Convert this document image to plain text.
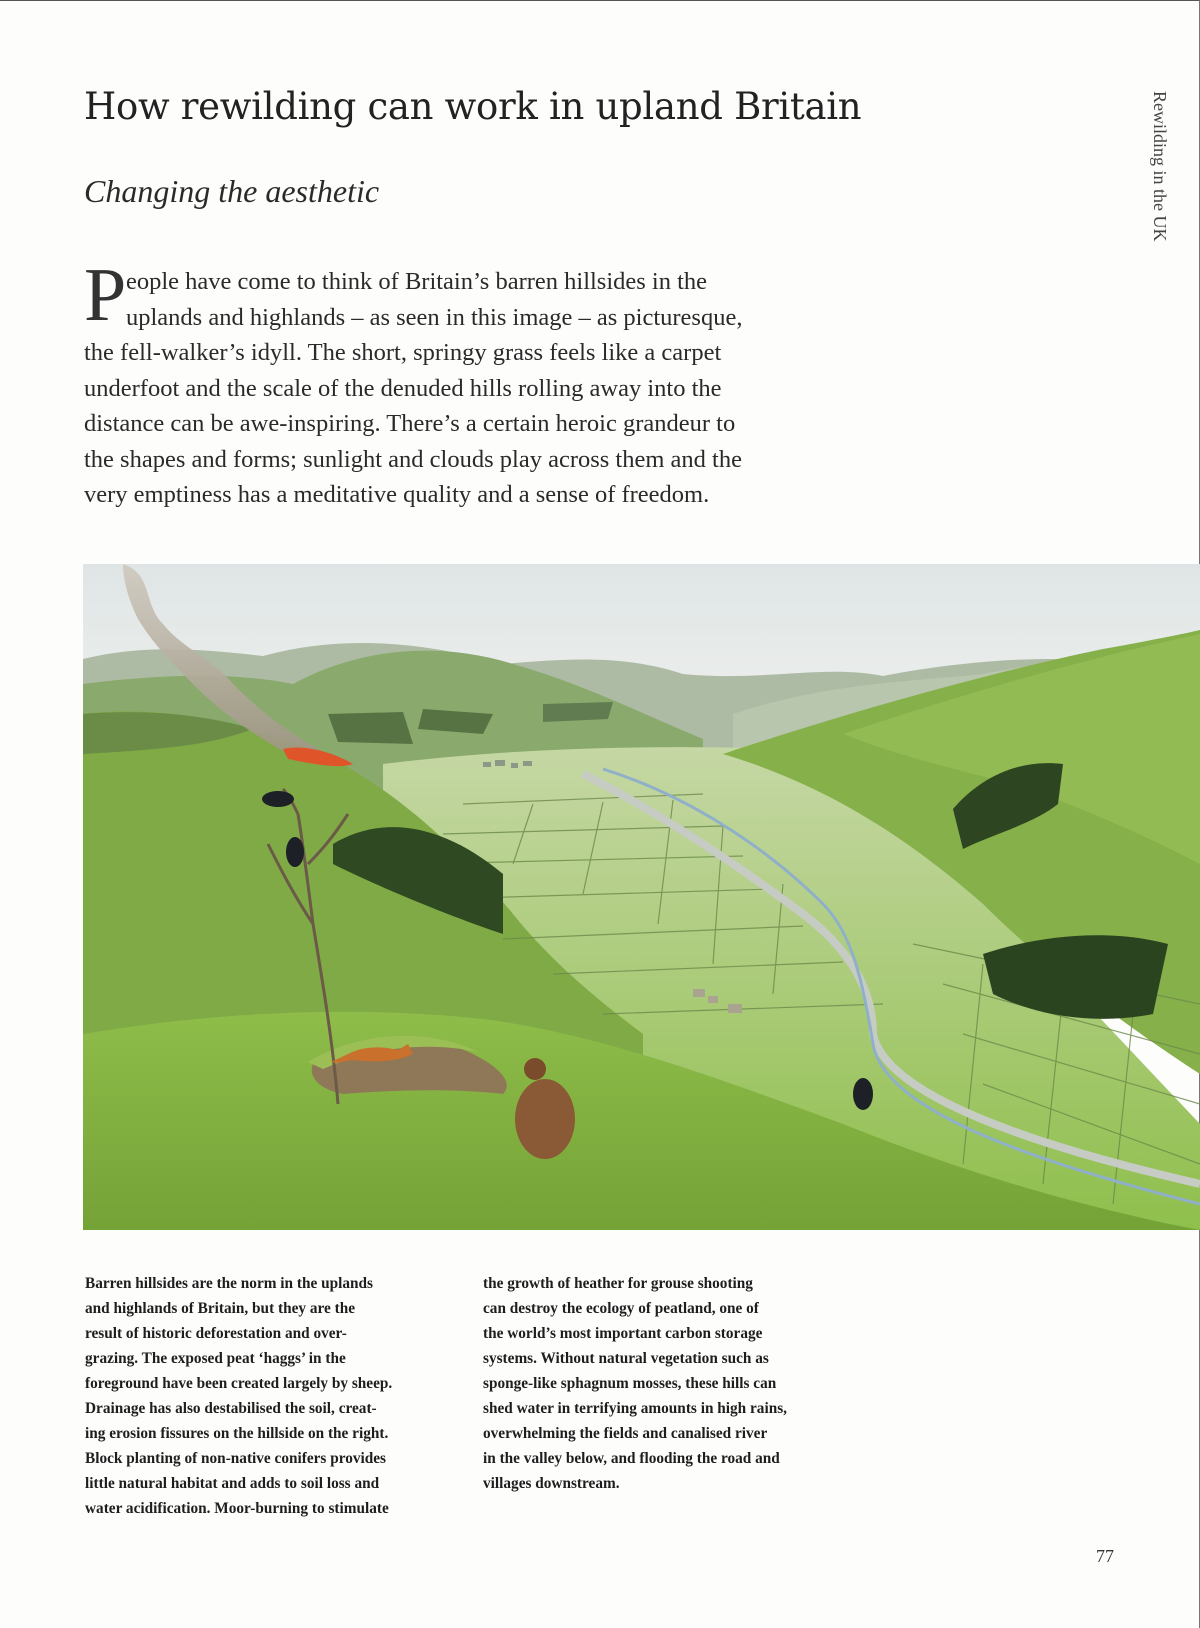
How rewilding can work in upland Britain
Changing the aesthetic	Rewilding in the UK
P eople have come to think of Britain’s barren hillsides in the
uplands and highlands – as seen in this image – as picturesque,
the fell-walker’s idyll. The short, springy grass feels like a carpet
underfoot and the scale of the denuded hills rolling away into the
distance can be awe-inspiring. There’s a certain heroic grandeur to
the shapes and forms; sunlight and clouds play across them and the
very emptiness has a meditative quality and a sense of freedom.
Barren hillsides are the norm in the uplands
and highlands of Britain, but they are the
result of historic deforestation and over-
grazing. The exposed peat ‘haggs’ in the
foreground have been created largely by sheep.
Drainage has also destabilised the soil, creat-
ing erosion fissures on the hillside on the right.
Block planting of non-native conifers provides
little natural habitat and adds to soil loss and
water acidification. Moor-burning to stimulate
the growth of heather for grouse shooting
can destroy the ecology of peatland, one of
the world’s most important carbon storage
systems. Without natural vegetation such as
sponge-like sphagnum mosses, these hills can
shed water in terrifying amounts in high rains,
overwhelming the fields and canalised river
in the valley below, and flooding the road and
villages downstream.
77
